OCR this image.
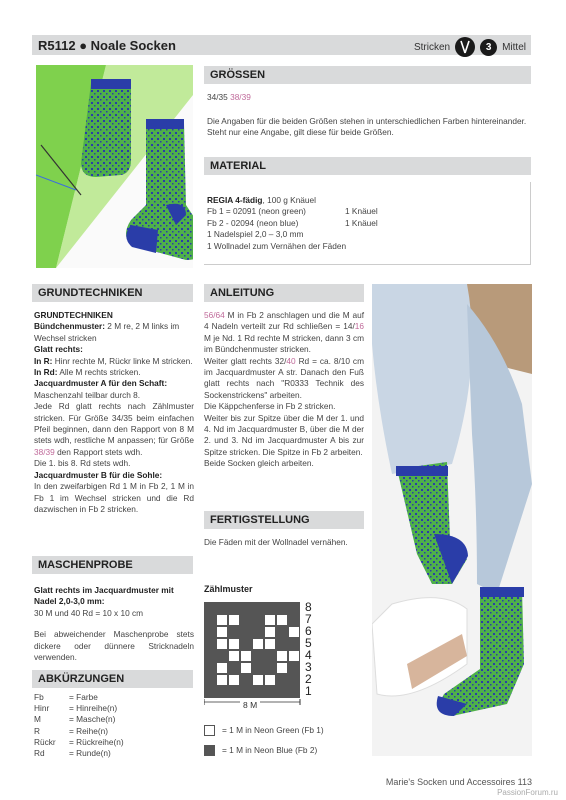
R5112 ● Noale Socken	Stricken	3	Mittel
GRÖSSEN
34/35 38/39
Die Angaben für die beiden Größen stehen in unterschiedlichen Farben hintereinander. Steht nur eine Angabe, gilt diese für beide Größen.
MATERIAL
REGIA 4-fädig, 100 g Knäuel
Fb 1 = 02091 (neon green)	1 Knäuel
Fb 2 - 02094 (neon blue)	1 Knäuel
1 Nadelspiel 2,0 – 3,0 mm
1 Wollnadel zum Vernähen der Fäden
GRUNDTECHNIKEN
GRUNDTECHNIKEN
Bündchenmuster: 2 M re, 2 M links im Wechsel stricken
Glatt rechts:
In R: Hinr rechte M, Rückr linke M stricken.
In Rd: Alle M rechts stricken.
Jacquardmuster A für den Schaft:
Maschenzahl teilbar durch 8.
Jede Rd glatt rechts nach Zählmuster stricken. Für Größe 34/35 beim einfachen Pfeil beginnen, dann den Rapport von 8 M stets wdh, restliche M anpassen; für Größe 38/39 den Rapport stets wdh.
Die 1. bis 8. Rd stets wdh.
Jacquardmuster B für die Sohle:
In den zweifarbigen Rd 1 M in Fb 2, 1 M in Fb 1 im Wechsel stricken und die Rd dazwischen in Fb 2 stricken.
MASCHENPROBE
Glatt rechts im Jacquardmuster mit Nadel 2,0-3,0 mm:
30 M und 40 Rd = 10 x 10 cm
Bei abweichender Maschenprobe stets dickere oder dünnere Stricknadeln verwenden.
ABKÜRZUNGEN
Fb	= Farbe
Hinr	= Hinreihe(n)
M	= Masche(n)
R	= Reihe(n)
Rückr	= Rückreihe(n)
Rd	= Runde(n)
ANLEITUNG
56/64 M in Fb 2 anschlagen und die M auf 4 Nadeln verteilt zur Rd schließen = 14/16 M je Nd. 1 Rd rechte M stricken, dann 3 cm im Bündchenmuster stricken.
Weiter glatt rechts 32/40 Rd = ca. 8/10 cm im Jacquardmuster A str. Danach den Fuß glatt rechts nach "R0333 Technik des Sockenstrickens" arbeiten.
Die Käppchenferse in Fb 2 stricken.
Weiter bis zur Spitze über die M der 1. und 4. Nd im Jacquardmuster B, über die M der 2. und 3. Nd im Jacquardmuster A bis zur Spitze stricken. Die Spitze in Fb 2 arbeiten.
Beide Socken gleich arbeiten.
FERTIGSTELLUNG
Die Fäden mit der Wollnadel vernähen.
Zählmuster
8
7
6
5
4
3
2
1
8 M
= 1 M in Neon Green (Fb 1)
= 1 M in Neon Blue (Fb 2)
Marie's Socken und Accessoires 113
PassionForum.ru
